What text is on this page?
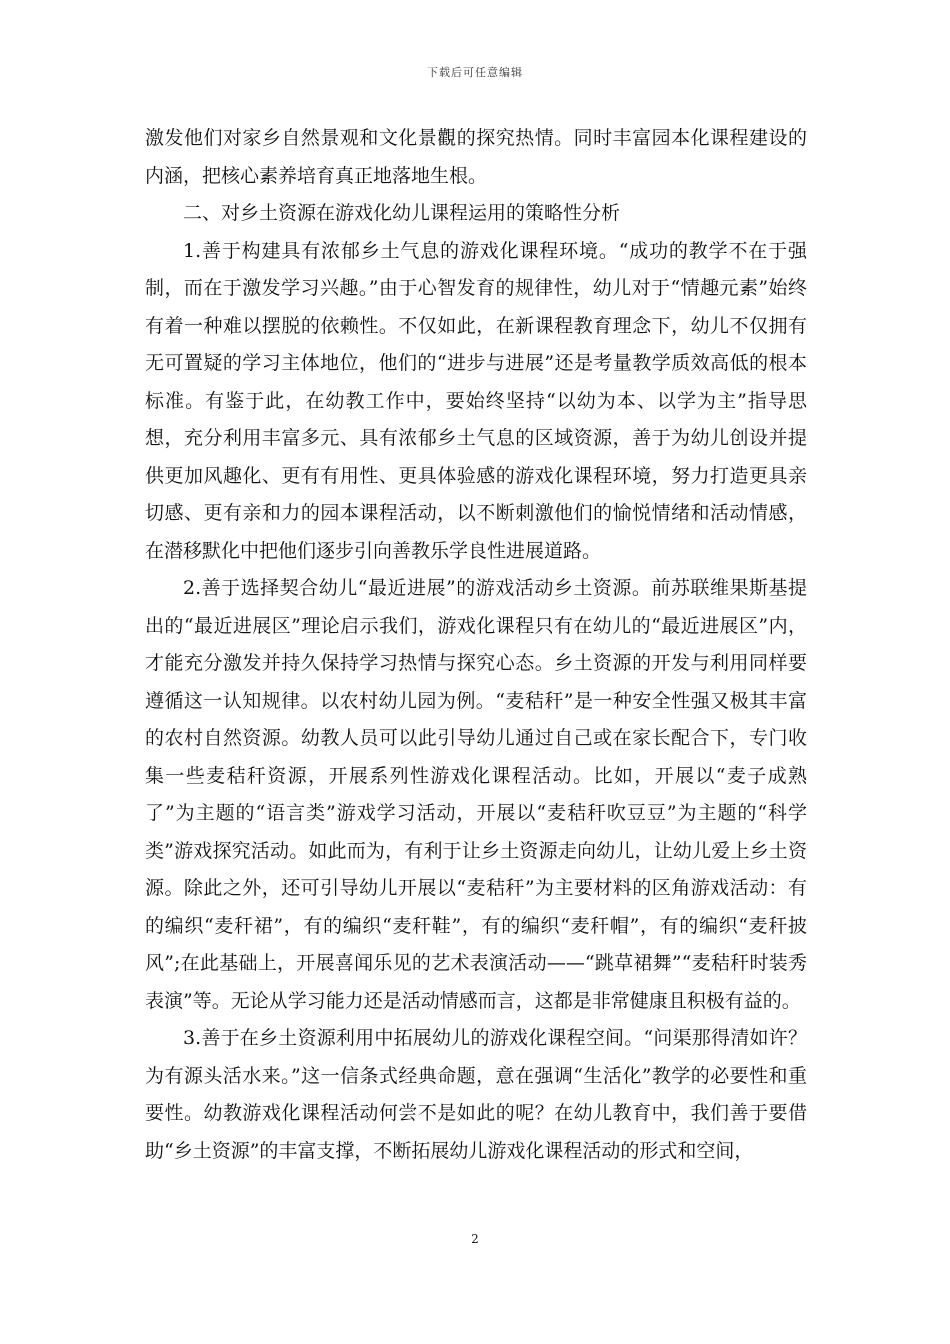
下载后可任意编辑

激发他们对家乡自然景观和文化景觀的探究热情。同时丰富园本化课程建设的内涵，把核心素养培育真正地落地生根。

二、对乡土资源在游戏化幼儿课程运用的策略性分析

1.善于构建具有浓郁乡土气息的游戏化课程环境。“成功的教学不在于强制，而在于激发学习兴趣。”由于心智发育的规律性，幼儿对于“情趣元素”始终有着一种难以摆脱的依赖性。不仅如此，在新课程教育理念下，幼儿不仅拥有无可置疑的学习主体地位，他们的“进步与进展”还是考量教学质效高低的根本标准。有鉴于此，在幼教工作中，要始终坚持“以幼为本、以学为主”指导思想，充分利用丰富多元、具有浓郁乡土气息的区域资源，善于为幼儿创设并提供更加风趣化、更有有用性、更具体验感的游戏化课程环境，努力打造更具亲切感、更有亲和力的园本课程活动，以不断刺激他们的愉悦情绪和活动情感，在潜移默化中把他们逐步引向善教乐学良性进展道路。

2.善于选择契合幼儿“最近进展”的游戏活动乡土资源。前苏联维果斯基提出的“最近进展区”理论启示我们，游戏化课程只有在幼儿的“最近进展区”内，才能充分激发并持久保持学习热情与探究心态。乡土资源的开发与利用同样要遵循这一认知规律。以农村幼儿园为例。“麦秸秆”是一种安全性强又极其丰富的农村自然资源。幼教人员可以此引导幼儿通过自己或在家长配合下，专门收集一些麦秸秆资源，开展系列性游戏化课程活动。比如，开展以“麦子成熟了”为主题的“语言类”游戏学习活动，开展以“麦秸秆吹豆豆”为主题的“科学类”游戏探究活动。如此而为，有利于让乡土资源走向幼儿，让幼儿爱上乡土资源。除此之外，还可引导幼儿开展以“麦秸秆”为主要材料的区角游戏活动：有的编织“麦秆裙”，有的编织“麦秆鞋”，有的编织“麦秆帽”，有的编织“麦秆披风”;在此基础上，开展喜闻乐见的艺术表演活动——“跳草裙舞”“麦秸秆时装秀表演”等。无论从学习能力还是活动情感而言，这都是非常健康且积极有益的。

3.善于在乡土资源利用中拓展幼儿的游戏化课程空间。“问渠那得清如许？为有源头活水来。”这一信条式经典命题，意在强调“生活化”教学的必要性和重要性。幼教游戏化课程活动何尝不是如此的呢？在幼儿教育中，我们善于要借助“乡土资源”的丰富支撑，不断拓展幼儿游戏化课程活动的形式和空间，

2
